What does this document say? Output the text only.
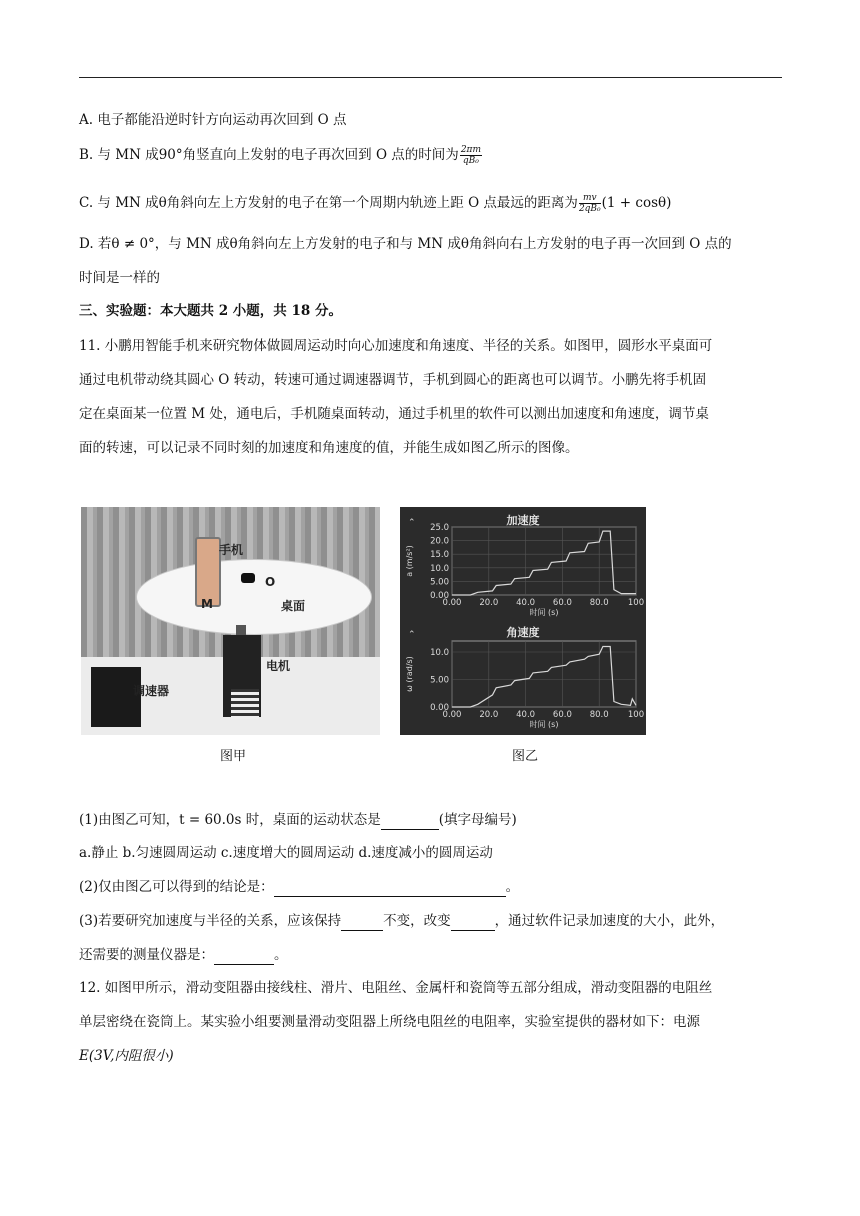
A. 电子都能沿逆时针方向运动再次回到 O 点
B. 与 MN 成90°角竖直向上发射的电子再次回到 O 点的时间为 $\frac{2\pi m}{\text{qB₀}}$
C. 与 MN 成θ角斜向左上方发射的电子在第一个周期内轨迹上距 O 点最远的距离为 $\frac{mv}{\text{2qB₀}} (1 + \cos\theta)$
D. 若θ ≠ 0°，与 MN 成θ角斜向左上方发射的电子和与 MN 成θ角斜向右上方发射的电子再一次回到 O 点的
时间是一样的
三、实验题：本大题共 2 小题，共 18 分。
11. 小鹏用智能手机来研究物体做圆周运动时向心加速度和角速度、半径的关系。如图甲，圆形水平桌面可
通过电机带动绕其圆心 O 转动，转速可通过调速器调节，手机到圆心的距离也可以调节。小鹏先将手机固
定在桌面某一位置 M 处，通电后，手机随桌面转动，通过手机里的软件可以测出加速度和角速度，调节桌
面的转速，可以记录不同时刻的加速度和角速度的值，并能生成如图乙所示的图像。
手机
O
M	桌面
电机
调速器
图甲
加速度
⌃
0.00 20.0 40.0 60.0 80.0 100
0.00
5.00
10.0
15.0
20.0
25.0
时间 (s)
a (m/s²)
角速度
⌃
0.00 20.0 40.0 60.0 80.0 100
0.00
5.00
10.0
时间 (s)
ω (rad/s)
图乙
(1)由图乙可知，t = 60.0s 时，桌面的运动状态是	(填字母编号)
a.静止 b.匀速圆周运动 c.速度增大的圆周运动 d.速度减小的圆周运动
(2)仅由图乙可以得到的结论是：	。
(3)若要研究加速度与半径的关系，应该保持	不变，改变	，通过软件记录加速度的大小，此外，
还需要的测量仪器是：	。
12. 如图甲所示，滑动变阻器由接线柱、滑片、电阻丝、金属杆和瓷筒等五部分组成，滑动变阻器的电阻丝
单层密绕在瓷筒上。某实验小组要测量滑动变阻器上所绕电阻丝的电阻率，实验室提供的器材如下：电源
E(3V,内阻很小)
